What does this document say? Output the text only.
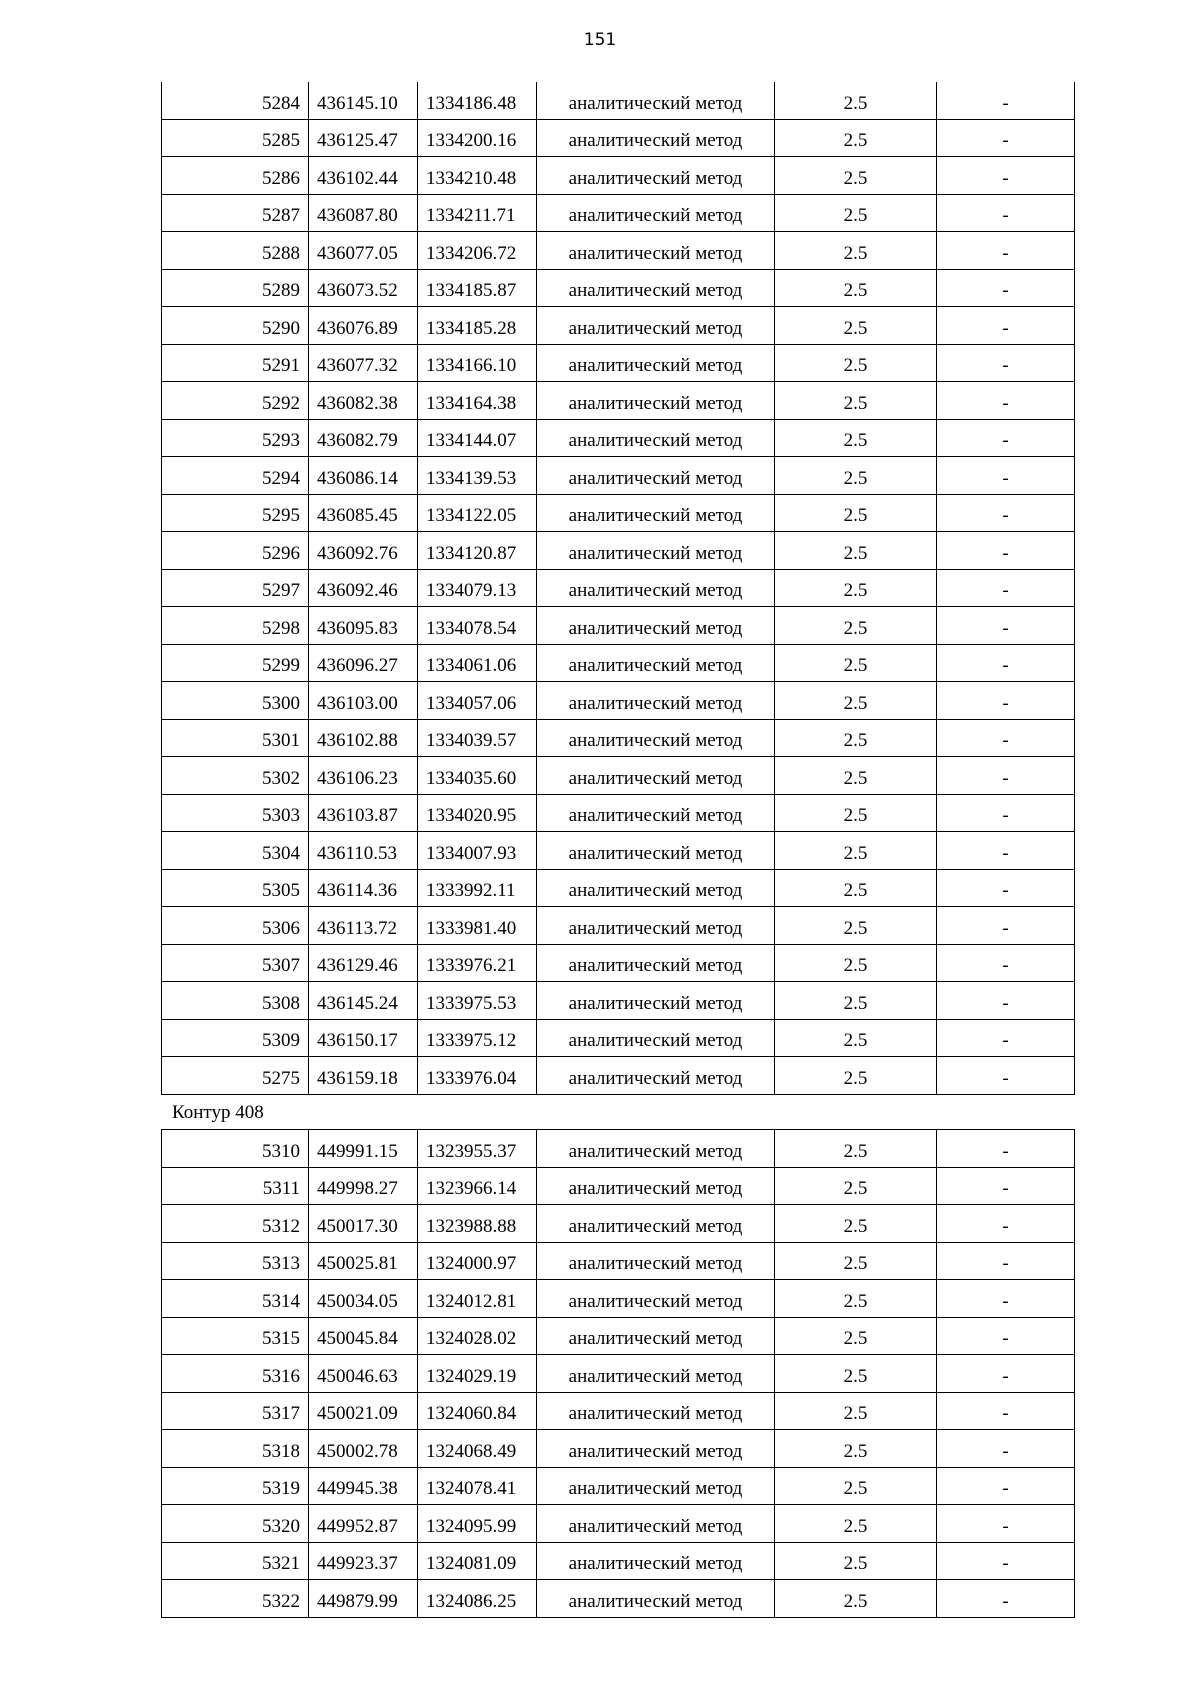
151
5284	436145.10	1334186.48	аналитический метод	2.5	-
5285	436125.47	1334200.16	аналитический метод	2.5	-
5286	436102.44	1334210.48	аналитический метод	2.5	-
5287	436087.80	1334211.71	аналитический метод	2.5	-
5288	436077.05	1334206.72	аналитический метод	2.5	-
5289	436073.52	1334185.87	аналитический метод	2.5	-
5290	436076.89	1334185.28	аналитический метод	2.5	-
5291	436077.32	1334166.10	аналитический метод	2.5	-
5292	436082.38	1334164.38	аналитический метод	2.5	-
5293	436082.79	1334144.07	аналитический метод	2.5	-
5294	436086.14	1334139.53	аналитический метод	2.5	-
5295	436085.45	1334122.05	аналитический метод	2.5	-
5296	436092.76	1334120.87	аналитический метод	2.5	-
5297	436092.46	1334079.13	аналитический метод	2.5	-
5298	436095.83	1334078.54	аналитический метод	2.5	-
5299	436096.27	1334061.06	аналитический метод	2.5	-
5300	436103.00	1334057.06	аналитический метод	2.5	-
5301	436102.88	1334039.57	аналитический метод	2.5	-
5302	436106.23	1334035.60	аналитический метод	2.5	-
5303	436103.87	1334020.95	аналитический метод	2.5	-
5304	436110.53	1334007.93	аналитический метод	2.5	-
5305	436114.36	1333992.11	аналитический метод	2.5	-
5306	436113.72	1333981.40	аналитический метод	2.5	-
5307	436129.46	1333976.21	аналитический метод	2.5	-
5308	436145.24	1333975.53	аналитический метод	2.5	-
5309	436150.17	1333975.12	аналитический метод	2.5	-
5275	436159.18	1333976.04	аналитический метод	2.5	-
Контур 408
5310	449991.15	1323955.37	аналитический метод	2.5	-
5311	449998.27	1323966.14	аналитический метод	2.5	-
5312	450017.30	1323988.88	аналитический метод	2.5	-
5313	450025.81	1324000.97	аналитический метод	2.5	-
5314	450034.05	1324012.81	аналитический метод	2.5	-
5315	450045.84	1324028.02	аналитический метод	2.5	-
5316	450046.63	1324029.19	аналитический метод	2.5	-
5317	450021.09	1324060.84	аналитический метод	2.5	-
5318	450002.78	1324068.49	аналитический метод	2.5	-
5319	449945.38	1324078.41	аналитический метод	2.5	-
5320	449952.87	1324095.99	аналитический метод	2.5	-
5321	449923.37	1324081.09	аналитический метод	2.5	-
5322	449879.99	1324086.25	аналитический метод	2.5	-
